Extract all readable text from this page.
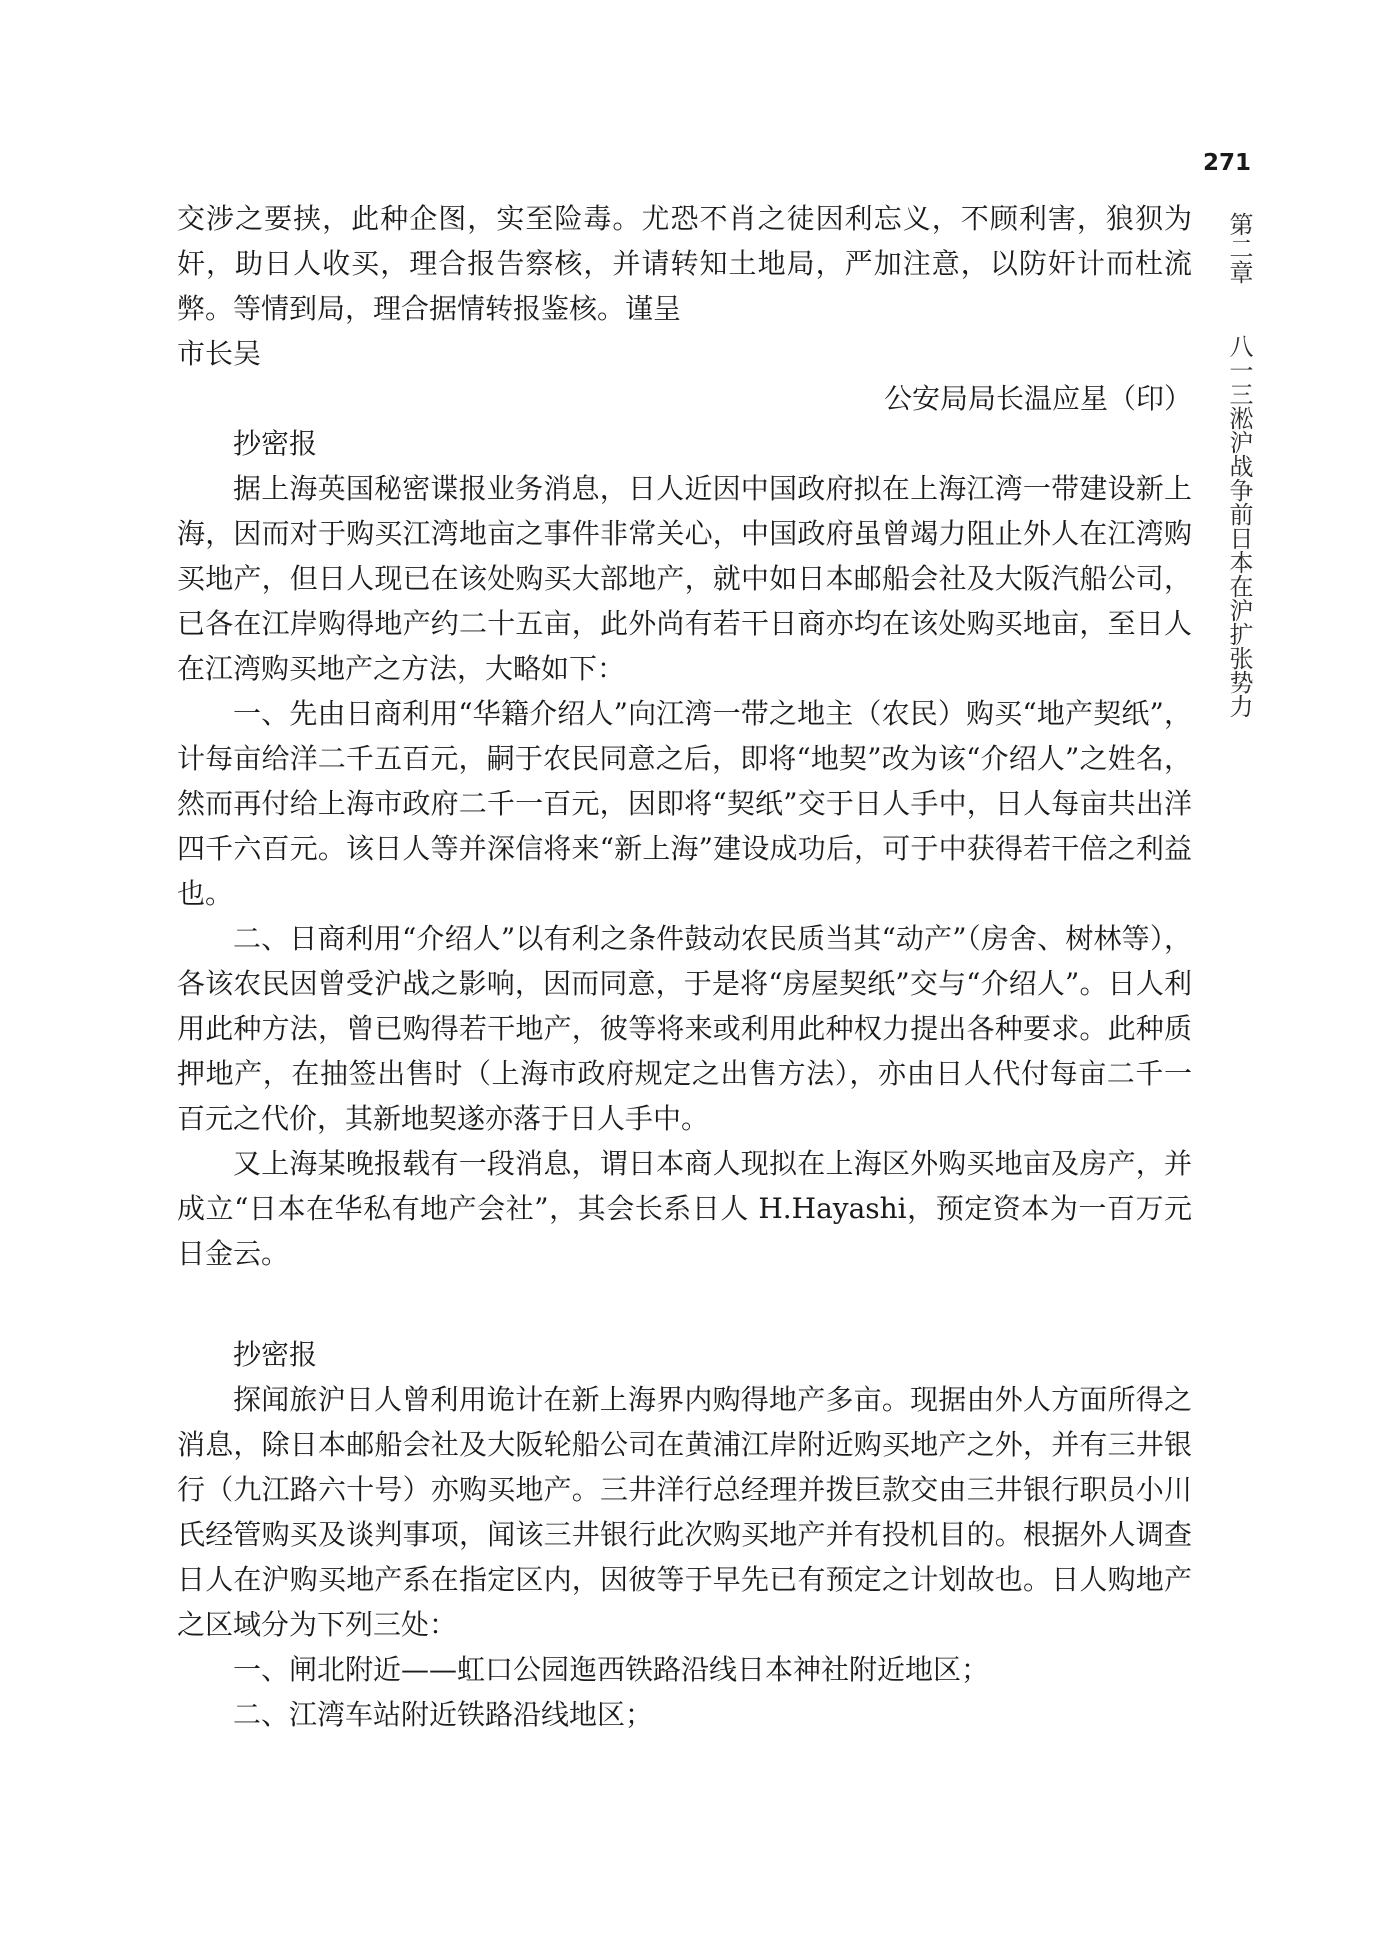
271
第二章 八一三淞沪战争前日本在沪扩张势力

交涉之要挟，此种企图，实至险毒。尤恐不肖之徒因利忘义，不顾利害，狼狈为奸，助日人收买，理合报告察核，并请转知土地局，严加注意，以防奸计而杜流弊。等情到局，理合据情转报鉴核。谨呈

市长吴

公安局局长温应星（印）

抄密报

据上海英国秘密谍报业务消息，日人近因中国政府拟在上海江湾一带建设新上海，因而对于购买江湾地亩之事件非常关心，中国政府虽曾竭力阻止外人在江湾购买地产，但日人现已在该处购买大部地产，就中如日本邮船会社及大阪汽船公司，已各在江岸购得地产约二十五亩，此外尚有若干日商亦均在该处购买地亩，至日人在江湾购买地产之方法，大略如下：

一、先由日商利用“华籍介绍人”向江湾一带之地主（农民）购买“地产契纸”，计每亩给洋二千五百元，嗣于农民同意之后，即将“地契”改为该“介绍人”之姓名，然而再付给上海市政府二千一百元，因即将“契纸”交于日人手中，日人每亩共出洋四千六百元。该日人等并深信将来“新上海”建设成功后，可于中获得若干倍之利益也。

二、日商利用“介绍人”以有利之条件鼓动农民质当其“动产”（房舍、树林等），各该农民因曾受沪战之影响，因而同意，于是将“房屋契纸”交与“介绍人”。日人利用此种方法，曾已购得若干地产，彼等将来或利用此种权力提出各种要求。此种质押地产，在抽签出售时（上海市政府规定之出售方法），亦由日人代付每亩二千一百元之代价，其新地契遂亦落于日人手中。

又上海某晚报载有一段消息，谓日本商人现拟在上海区外购买地亩及房产，并成立“日本在华私有地产会社”，其会长系日人 H.Hayashi，预定资本为一百万元日金云。

抄密报

探闻旅沪日人曾利用诡计在新上海界内购得地产多亩。现据由外人方面所得之消息，除日本邮船会社及大阪轮船公司在黄浦江岸附近购买地产之外，并有三井银行（九江路六十号）亦购买地产。三井洋行总经理并拨巨款交由三井银行职员小川氏经管购买及谈判事项，闻该三井银行此次购买地产并有投机目的。根据外人调查日人在沪购买地产系在指定区内，因彼等于早先已有预定之计划故也。日人购地产之区域分为下列三处：

一、闸北附近——虹口公园迤西铁路沿线日本神社附近地区；

二、江湾车站附近铁路沿线地区；
